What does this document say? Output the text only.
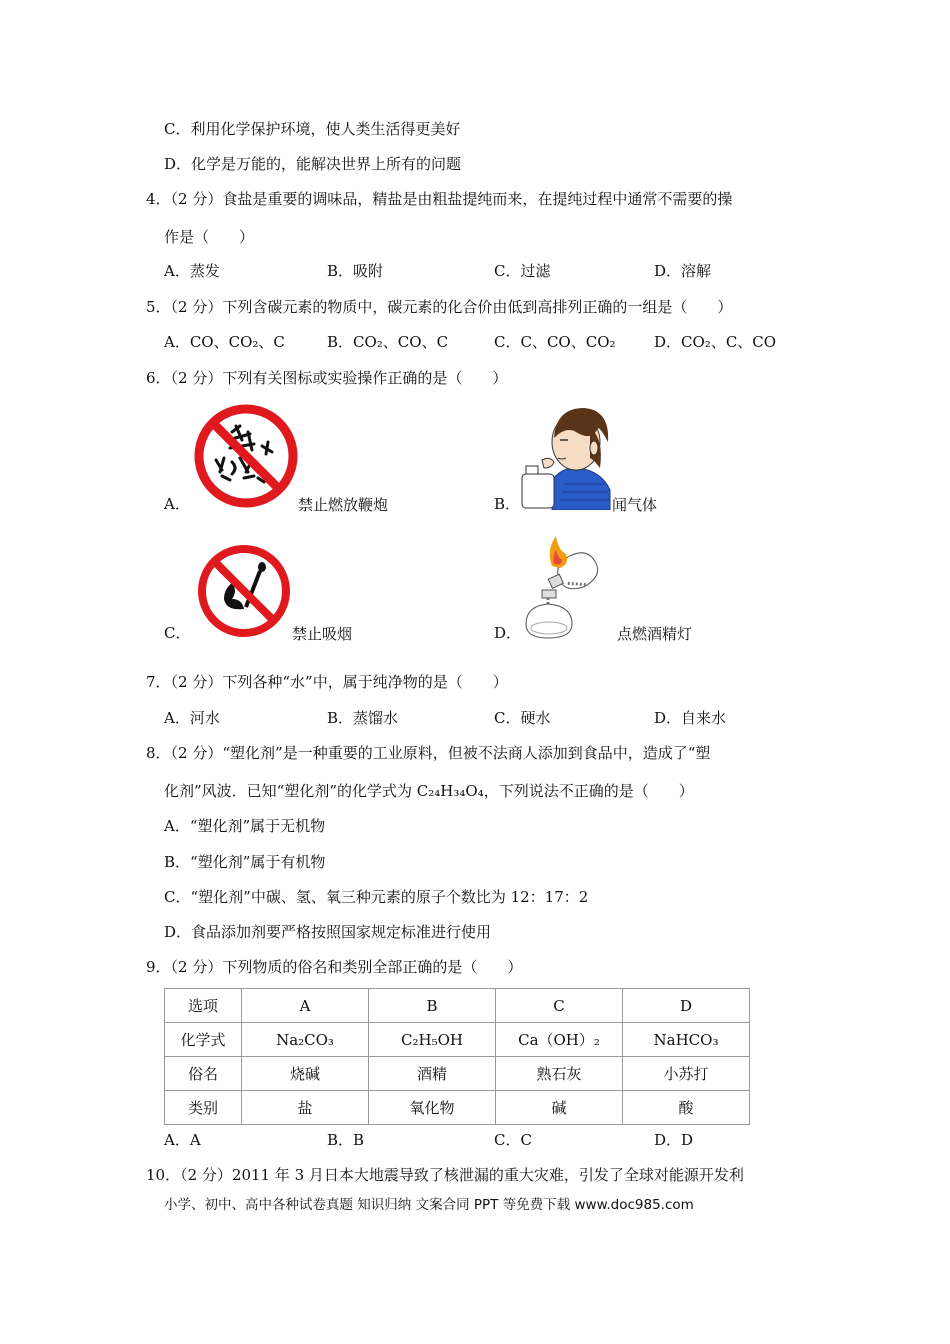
C．利用化学保护环境，使人类生活得更美好
D．化学是万能的，能解决世界上所有的问题
4．（2 分）食盐是重要的调味品，精盐是由粗盐提纯而来，在提纯过程中通常不需要的操
作是（　　）
A．蒸发	B．吸附	C．过滤	D．溶解
5．（2 分）下列含碳元素的物质中，碳元素的化合价由低到高排列正确的一组是（　　）
A．CO、CO₂、C	B．CO₂、CO、C	C．C、CO、CO₂	D．CO₂、C、CO
6．（2 分）下列有关图标或实验操作正确的是（　　）
A．	禁止燃放鞭炮	B．	闻气体
C．	禁止吸烟	D．	点燃酒精灯
7．（2 分）下列各种“水”中，属于纯净物的是（　　）
A．河水	B．蒸馏水	C．硬水	D．自来水
8．（2 分）“塑化剂”是一种重要的工业原料，但被不法商人添加到食品中，造成了“塑
化剂”风波．已知“塑化剂”的化学式为 C₂₄H₃₄O₄，下列说法不正确的是（　　）
A．“塑化剂”属于无机物
B．“塑化剂”属于有机物
C．“塑化剂”中碳、氢、氧三种元素的原子个数比为 12：17：2
D．食品添加剂要严格按照国家规定标准进行使用
9．（2 分）下列物质的俗名和类别全部正确的是（　　）
选项	A	B	C	D
化学式	Na₂CO₃	C₂H₅OH	Ca（OH）₂	NaHCO₃
俗名	烧碱	酒精	熟石灰	小苏打
类别	盐	氧化物	碱	酸
A．A	B．B	C．C	D．D
10．（2 分）2011 年 3 月日本大地震导致了核泄漏的重大灾难，引发了全球对能源开发利
小学、初中、高中各种试卷真题 知识归纳 文案合同 PPT 等免费下载 www.doc985.com
